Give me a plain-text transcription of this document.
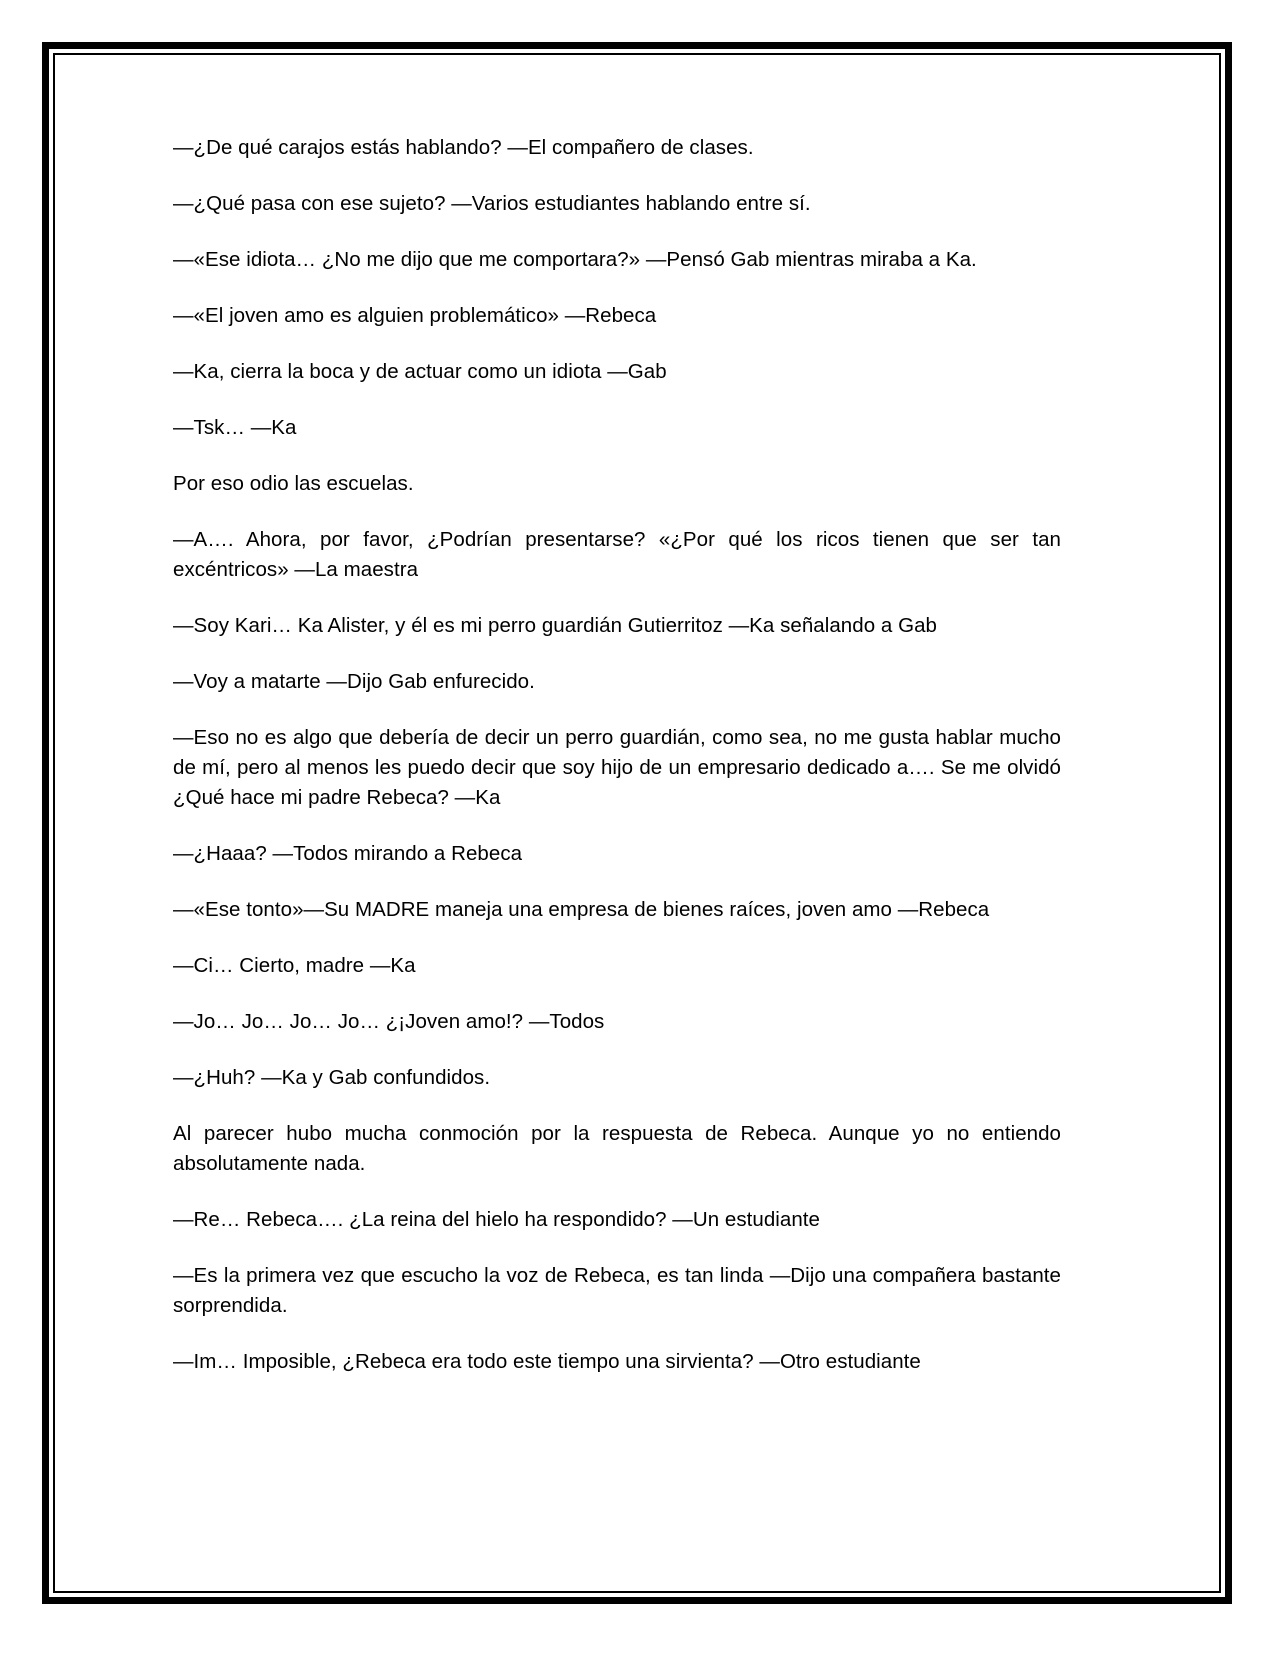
—¿De qué carajos estás hablando? —El compañero de clases.

—¿Qué pasa con ese sujeto? —Varios estudiantes hablando entre sí.

—«Ese idiota… ¿No me dijo que me comportara?» —Pensó Gab mientras miraba a Ka.

—«El joven amo es alguien problemático» —Rebeca

—Ka, cierra la boca y de actuar como un idiota —Gab

—Tsk… —Ka

Por eso odio las escuelas.

—A…. Ahora, por favor, ¿Podrían presentarse? «¿Por qué los ricos tienen que ser tan excéntricos» —La maestra

—Soy Kari… Ka Alister, y él es mi perro guardián Gutierritoz —Ka señalando a Gab

—Voy a matarte —Dijo Gab enfurecido.

—Eso no es algo que debería de decir un perro guardián, como sea, no me gusta hablar mucho de mí, pero al menos les puedo decir que soy hijo de un empresario dedicado a…. Se me olvidó ¿Qué hace mi padre Rebeca? —Ka

—¿Haaa? —Todos mirando a Rebeca

—«Ese tonto»—Su MADRE maneja una empresa de bienes raíces, joven amo —Rebeca

—Ci… Cierto, madre —Ka

—Jo… Jo… Jo… Jo… ¿¡Joven amo!? —Todos

—¿Huh? —Ka y Gab confundidos.

Al parecer hubo mucha conmoción por la respuesta de Rebeca. Aunque yo no entiendo absolutamente nada.

—Re… Rebeca…. ¿La reina del hielo ha respondido? —Un estudiante

—Es la primera vez que escucho la voz de Rebeca, es tan linda —Dijo una compañera bastante sorprendida.

—Im… Imposible, ¿Rebeca era todo este tiempo una sirvienta? —Otro estudiante
